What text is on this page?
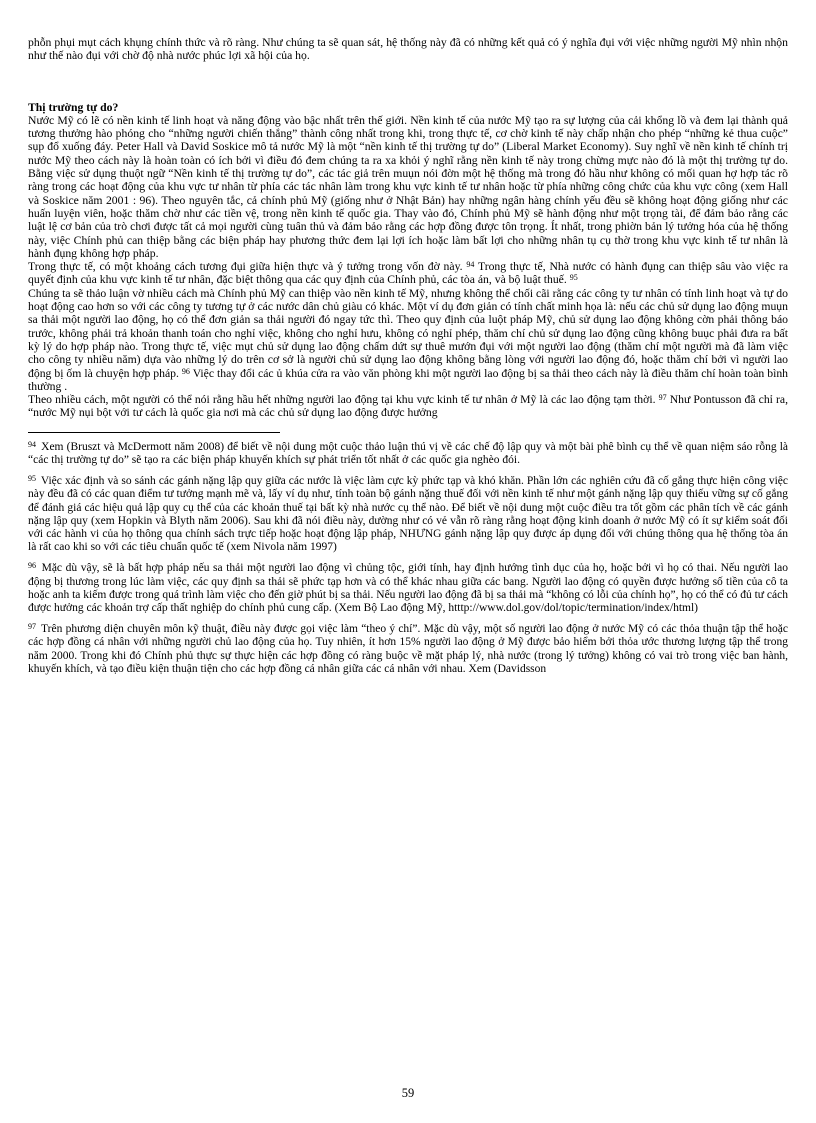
phỗn phụi mụt cách khụng chính thức và rõ ràng. Như chúng ta sẽ quan sát, hệ thống này đã có những kết quả có ý nghĩa đụi với việc những người Mỹ nhìn nhộn như thế nào đụi với chờ độ nhà nước phúc lợi xã hội của họ.

Thị trường tự do?

Nước Mỹ có lẽ có nền kinh tế linh hoạt và năng động vào bậc nhất trên thế giới. Nền kinh tế của nước Mỹ tạo ra sự lượng của cải khổng lồ và đem lại thành quả tương thưởng hào phóng cho “những người chiến thắng” thành công nhất trong khi, trong thực tế, cơ chờ kinh tế này chấp nhận cho phép “những kẻ thua cuộc” sụp đổ xuống đáy. Peter Hall và David Soskice mô tả nước Mỹ là một “nền kinh tế thị trường tự do” (Liberal Market Economy). Suy nghĩ về nền kinh tế chính trị nước Mỹ theo cách này là hoàn toàn có ích bởi vì điều đó đem chúng ta ra xa khỏi ý nghĩ rằng nền kinh tế này trong chừng mực nào đó là một thị trường tự do. Bằng việc sử dụng thuột ngữ “Nền kinh tế thị trường tự do”, các tác giả trên muụn nói đờn một hệ thống mà trong đó hầu như không có mối quan hợ hợp tác rõ ràng trong các hoạt động của khu vực tư nhân từ phía các tác nhân làm trong khu vực kinh tế tư nhân hoặc từ phía những công chức của khu vực công (xem Hall và Soskice năm 2001 : 96). Theo nguyên tắc, cả chính phủ Mỹ (giống như ở Nhật Bản) hay những ngân hàng chính yếu đều sẽ không hoạt động giống như các huấn luyện viên, hoặc thăm chờ như các tiền vệ, trong nền kinh tế quốc gia. Thay vào đó, Chính phủ Mỹ sẽ hành động như một trọng tài, để đảm bảo rằng các luật lệ cơ bản của trò chơi được tất cả mọi người cùng tuân thủ và đảm bảo rằng các hợp đồng được tôn trọng. Ít nhất, trong phiờn bản lý tưởng hóa của hệ thống này, việc Chính phủ can thiệp bằng các biện pháp hay phương thức đem lại lợi ích hoặc làm bất lợi cho những nhân tụ cụ thờ trong khu vực kinh tế tư nhân là hành đụng không hợp pháp.

Trong thực tế, có một khoảng cách tương đụi giữa hiện thực và ý tưởng trong vốn đờ này. $^{94}$ Trong thực tế, Nhà nước có hành đụng can thiệp sâu vào việc ra quyết định của khu vực kinh tế tư nhân, đặc biệt thông qua các quy định của Chính phủ, các tòa án, và bộ luật thuế. $^{95}$

Chúng ta sẽ thảo luận vờ nhiều cách mà Chính phủ Mỹ can thiệp vào nền kinh tế Mỹ, nhưng không thể chối cãi rằng các công ty tư nhân có tính linh hoạt và tự do hoạt động cao hơn so với các công ty tương tự ở các nước dân chủ giàu có khác. Một ví dụ đơn giản có tính chất minh họa là: nếu các chủ sử dụng lao động muụn sa thải một người lao động, họ có thể đơn giản sa thải người đó ngay tức thì. Theo quy định của luột pháp Mỹ, chủ sử dụng lao động không cờn phải thông báo trước, không phải trả khoản thanh toán cho nghỉ việc, không cho nghỉ hưu, không có nghỉ phép, thăm chí chủ sử dụng lao động cũng không buục phải đưa ra bất kỳ lý do hợp pháp nào. Trong thực tế, việc mụt chủ sử dụng lao động chấm dứt sự thuê mướn đụi với một người lao động (thăm chí một người mà đã làm việc cho công ty nhiều năm) dựa vào những lý do trên cơ sở là người chủ sử dụng lao động không bằng lòng với người lao động đó, hoặc thăm chí bởi vì người lao động bị ốm là chuyện hợp pháp. $^{96}$ Việc thay đổi các ủ khúa cửa ra vào văn phòng khi một người lao động bị sa thải theo cách này là điều thăm chí hoàn toàn bình thường .

Theo nhiều cách, một người có thể nói rằng hầu hết những người lao động tại khu vực kinh tế tư nhân ở Mỹ là các lao động tạm thời. $^{97}$ Như Pontusson đã chỉ ra, “nước Mỹ nụi bột với tư cách là quốc gia nơi mà các chủ sử dụng lao động được hưởng

$^{94}$ Xem (Bruszt và McDermott năm 2008) để biết về nội dung một cuộc thảo luận thú vị về các chế độ lập quy và một bài phê bình cụ thể về quan niệm sáo rỗng là “các thị trường tự do” sẽ tạo ra các biện pháp khuyến khích sự phát triển tốt nhất ở các quốc gia nghèo đói.

$^{95}$ Việc xác định và so sánh các gánh nặng lập quy giữa các nước là việc làm cực kỳ phức tạp và khó khăn. Phần lớn các nghiên cứu đã cố gắng thực hiện công việc này đều đã có các quan điểm tư tưởng mạnh mẽ và, lấy ví dụ như, tính toàn bộ gánh nặng thuế đối với nền kinh tế như một gánh nặng lập quy thiếu vững sự cố gắng để đánh giá các hiệu quả lập quy cụ thể của các khoản thuế tại bất kỳ nhà nước cụ thể nào. Để biết về nội dung một cuộc điều tra tốt gồm các phân tích về các gánh nặng lập quy (xem Hopkin và Blyth năm 2006). Sau khi đã nói điều này, dường như có vẻ vẫn rõ ràng rằng hoạt động kinh doanh ở nước Mỹ có ít sự kiểm soát đối với các hành vi của họ thông qua chính sách trực tiếp hoặc hoạt động lập pháp, NHƯNG gánh nặng lập quy được áp dụng đối với chúng thông qua hệ thống tòa án là rất cao khi so với các tiêu chuẩn quốc tế (xem Nivola năm 1997)

$^{96}$ Mặc dù vậy, sẽ là bất hợp pháp nếu sa thải một người lao động vì chủng tộc, giới tính, hay định hướng tình dục của họ, hoặc bởi vì họ có thai. Nếu người lao động bị thương trong lúc làm việc, các quy định sa thải sẽ phức tạp hơn và có thể khác nhau giữa các bang. Người lao động có quyền được hưởng số tiền của cô ta hoặc anh ta kiếm được trong quá trình làm việc cho đến giờ phút bị sa thải. Nếu người lao động đã bị sa thải mà “không có lỗi của chính họ”, họ có thể có đủ tư cách được hưởng các khoản trợ cấp thất nghiệp do chính phủ cung cấp. (Xem Bộ Lao động Mỹ, htttp://www.dol.gov/dol/topic/termination/index/html)

$^{97}$ Trên phương diện chuyên môn kỹ thuật, điều này được gọi việc làm “theo ý chí”. Mặc dù vậy, một số người lao động ở nước Mỹ có các thỏa thuận tập thể hoặc các hợp đồng cá nhân với những người chủ lao động của họ. Tuy nhiên, ít hơn 15% người lao động ở Mỹ được bảo hiểm bởi thỏa ước thương lượng tập thể trong năm 2000. Trong khi đó Chính phủ thực sự thực hiện các hợp đồng có ràng buộc về mặt pháp lý, nhà nước (trong lý tưởng) không có vai trò trong việc ban hành, khuyến khích, và tạo điều kiện thuận tiện cho các hợp đồng cá nhân giữa các cá nhân với nhau. Xem (Davidsson

59
